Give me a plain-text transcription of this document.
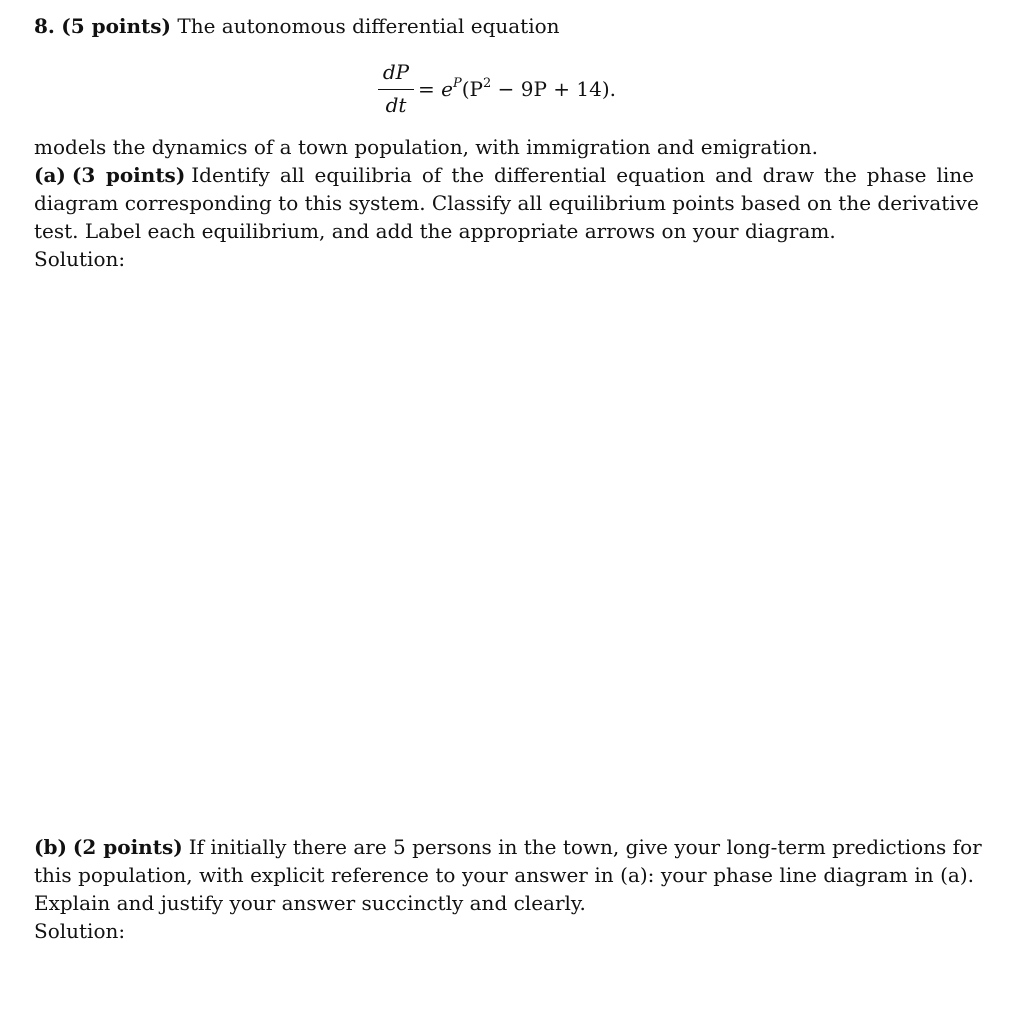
8. (5 points) The autonomous differential equation
dP
dt
= $e^P(P^2 - 9P + 14)$.
models the dynamics of a town population, with immigration and emigration.
(a) (3 points) Identify all equilibria of the differential equation and draw the phase line
diagram corresponding to this system. Classify all equilibrium points based on the derivative
test. Label each equilibrium, and add the appropriate arrows on your diagram.
Solution:
(b) (2 points) If initially there are 5 persons in the town, give your long-term predictions for
this population, with explicit reference to your answer in (a): your phase line diagram in (a).
Explain and justify your answer succinctly and clearly.
Solution:
